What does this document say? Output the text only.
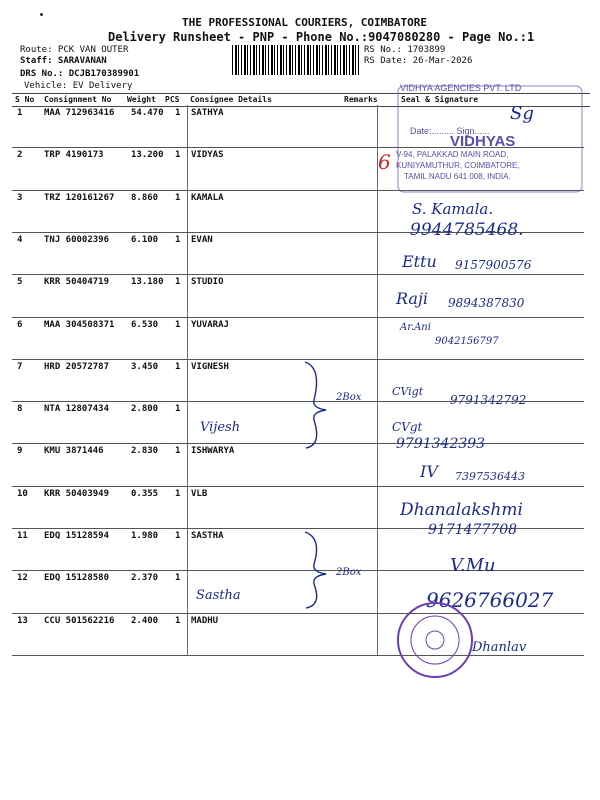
THE PROFESSIONAL COURIERS, COIMBATORE
Delivery Runsheet - PNP - Phone No.:9047080280 - Page No.:1
Route: PCK VAN OUTER
Staff: SARAVANAN
DRS No.: DCJB170389901
Vehicle: EV Delivery
RS No.: 1703899
RS Date: 26-Mar-2026
S No Consignment No Weight PCS Consignee Details	Remarks	Seal & Signature
1 MAA 712963416 54.470 1 SATHYA
2 TRP 4190173	13.200 1 VIDYAS
3 TRZ 120161267 8.860 1 KAMALA
4 TNJ 60002396 6.100 1 EVAN
5 KRR 50404719 13.180 1 STUDIO
6 MAA 304508371 6.530 1 YUVARAJ
7 HRD 20572787 3.450 1 VIGNESH
8 NTA 12807434 2.800 1
9 KMU 3871446	2.830 1 ISHWARYA
10 KRR 50403949 0.355 1 VLB
11 EDQ 15128594 1.980 1 SASTHA
12 EDQ 15128580 2.370 1
13 CCU 501562216 2.400 1 MADHU
Vijesh
Sastha
2Box
2Box
VIDHYA AGENCIES PVT. LTD
Date:......... Sign......
VIDHYAS
V-94, PALAKKAD MAIN ROAD,
KUNIYAMUTHUR, COIMBATORE,
TAMIL NADU 641 008, INDIA.
Sg
6
S. Kamala.
9944785468.
Ettu 9157900576
Raji 9894387830
Ar.Ani
9042156797
CVigt
9791342792
CVgt
9791342393
IV 7397536443
Dhanalakshmi
9171477708
V.Mu
9626766027
Dhanlav
